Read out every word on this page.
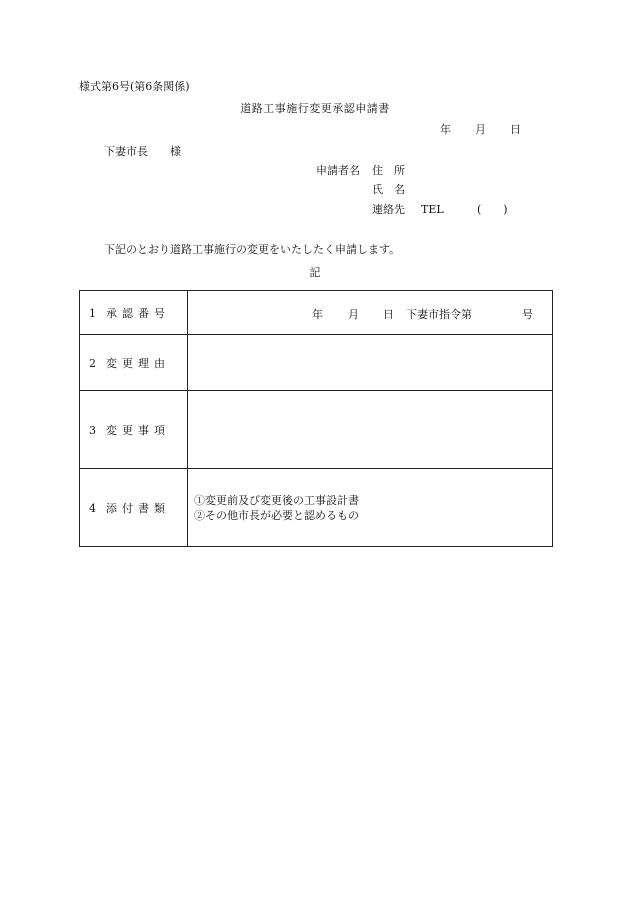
様式第6号(第6条関係)
道路工事施行変更承認申請書
年 月 日
下妻市長　　様
申請者名 住　所
氏　名
連絡先 TEL	(　　)
下記のとおり道路工事施行の変更をいたしたく申請します。
記
1 承認番号	年 月 日 下妻市指令第 号

2 変更理由	
3 変更事項	
4 添付書類	①変更前及び変更後の工事設計書
②その他市長が必要と認めるもの
